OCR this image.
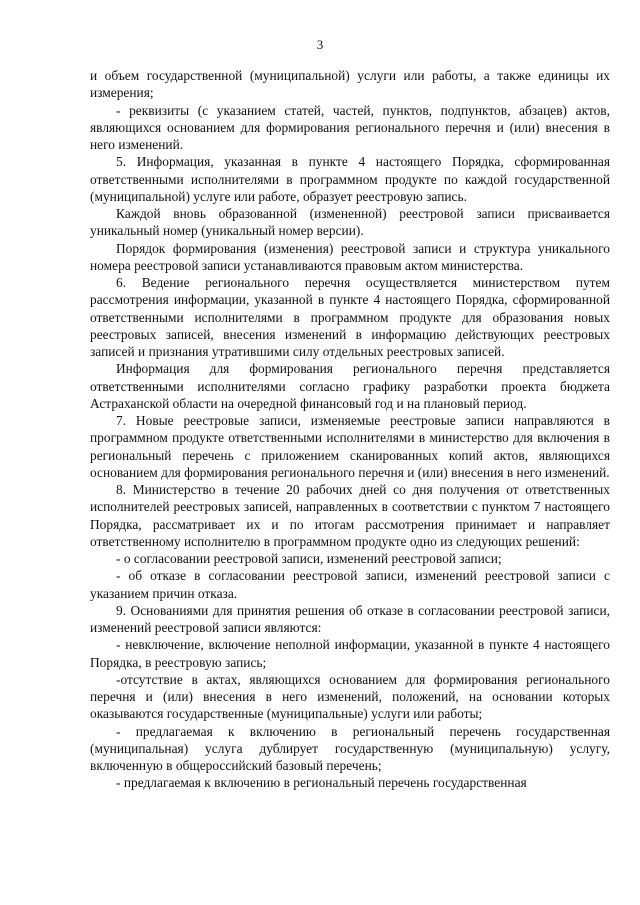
3

и объем государственной (муниципальной) услуги или работы, а также единицы их измерения;

- реквизиты (с указанием статей, частей, пунктов, подпунктов, абзацев) актов, являющихся основанием для формирования регионального перечня и (или) внесения в него изменений.

5. Информация, указанная в пункте 4 настоящего Порядка, сформированная ответственными исполнителями в программном продукте по каждой государственной (муниципальной) услуге или работе, образует реестровую запись.

Каждой вновь образованной (измененной) реестровой записи присваивается уникальный номер (уникальный номер версии).

Порядок формирования (изменения) реестровой записи и структура уникального номера реестровой записи устанавливаются правовым актом министерства.

6. Ведение регионального перечня осуществляется министерством путем рассмотрения информации, указанной в пункте 4 настоящего Порядка, сформированной ответственными исполнителями в программном продукте для образования новых реестровых записей, внесения изменений в информацию действующих реестровых записей и признания утратившими силу отдельных реестровых записей.

Информация для формирования регионального перечня представляется ответственными исполнителями согласно графику разработки проекта бюджета Астраханской области на очередной финансовый год и на плановый период.

7. Новые реестровые записи, изменяемые реестровые записи направляются в программном продукте ответственными исполнителями в министерство для включения в региональный перечень с приложением сканированных копий актов, являющихся основанием для формирования регионального перечня и (или) внесения в него изменений.

8. Министерство в течение 20 рабочих дней со дня получения от ответственных исполнителей реестровых записей, направленных в соответствии с пунктом 7 настоящего Порядка, рассматривает их и по итогам рассмотрения принимает и направляет ответственному исполнителю в программном продукте одно из следующих решений:

- о согласовании реестровой записи, изменений реестровой записи;

- об отказе в согласовании реестровой записи, изменений реестровой записи с указанием причин отказа.

9. Основаниями для принятия решения об отказе в согласовании реестровой записи, изменений реестровой записи являются:

- невключение, включение неполной информации, указанной в пункте 4 настоящего Порядка, в реестровую запись;

-отсутствие в актах, являющихся основанием для формирования регионального перечня и (или) внесения в него изменений, положений, на основании которых оказываются государственные (муниципальные) услуги или работы;

- предлагаемая к включению в региональный перечень государственная (муниципальная) услуга дублирует государственную (муниципальную) услугу, включенную в общероссийский базовый перечень;

- предлагаемая к включению в региональный перечень государственная
